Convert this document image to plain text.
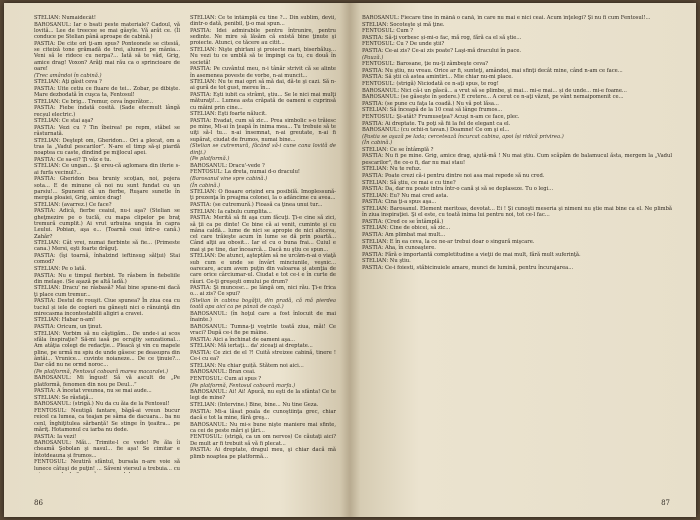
STELIAN: Numaidecât!

BAROSANUL: Iar o bsati peste materiale? Cadoul, vă lovită... Lee de treecee se mai gâsyle. Vă arăt ce. (Îl conduce pe Stelian până aproape de cabină.)

PASTIA: De cite ori ţi-am spus? Ponteonele se citesiă, se citeiză tone grămadă de trei, aluneci pe mânia... Veni să le ridece cu nerpa?... Iată să te văd, Grig, amice drag! Voxon? Arăţi mai rău ca o sprincioare de oare!

(Trec amândoi în cabină.)

STELIAN: Aţi gâsit ceva ?

PASTIA: Uite cetiu ce fluare de tei... Zobar, pe dibişte. Mare dezbodată în cuşca ta, Fentosul!

STELIAN: Ce brig... Tremur, ceva îngerător...

PASTIA: Fiebe îndată cosită. (Sade efecmult lângă recșul electric.)

STELIAN: Ce stai aşa?

PASTIA: Vezi cu ? Tin îbeirea! pe repm, stăbel se râsturnată.

STELIAN: Deştept om, Gheridon... Ori a plecat, om a tras la „Vadul pescarilor”. N-are el timp să-şi piardă noaptea cu caste, dindind pe mijlocul apei.

PASTIA: Ce sa-ei? Ţi văz e tu.

STELIAN: Ce ungan... Şi ereu-că aglomara din iferie s-ai furfa vecinul?...

PASTIA: Gheridon bea bruniy scoţian, noi, pojera sota... E de minune că noi nu sunt fundat cu un parsiu!... Spunemi că un fierbe, Ruşare sunetle în mergia ploaiei, Grig, amice drag!

STELIAN: (avarrez.) Ce face?

PASTIA: Adică, fierbe ceaiul, nu-i aşa? (Stelian se gheţmezire pe o tuclă, cu mapa clipelor pe braţ tremură cumplit.) Ai vrut urbuina unguia în capra Leului. Pobian, aşa e... (Toarnă ceai într-o cană.) Zahăr?

STELIAN: Cât vrei, numai fierbinte să fie... (Primeste cana.) Mersi, eşti foarte drăguţ.

PASTIA: (îşi toarnă, înhalzind ieftinsug sălţui) Stai comod?

STELIAN: Pe o lată.

PASTIA: Nu e timpul fierbint. Te râsbem în fiebeliile din melaşe. (Se aşază pe altă ladă.)

STELIAN: Dracu' ne râsbasă? Mai bine spune-mi dacă ţi place cum tremur...

PASTIA: Destul de rouşit. Ciue spunea? În ziua cea cu tuciul și iele de cogieri nu gănești nici o rănuinţă din mirecasma incontestabilii aligiri a cravei.

STELIAN: Habar n-am!

PASTIA: Oricum, un ţinut.

STELIAN: Vorbim să nu câştigăm... De unde-i ai scos sfâla înspiraţie? Să-mi iasă pe ocrajiiy senzational... Am atâţia colegi de redacţie... Pleacă şi vin cu mapele pline, pe urmă nu spiu de unde găsesc pe deasupra din ântâi... Vrunice... cuvinte noianeze... De ce ţinuie?... Dar căd nu ne ormd noroc...

(Pe platformă, Fentosul coboară marea macaralei.)

BAROSANUL: Mi îngust! Să vă ascult de „Pe platformă, fenomen din nou pe Deul...”

PASTIA: A încetat vreunea, nu se mai aude...

STELIAN: Se răsfaţă...

BAROSANUL: (strigă.) Nu da cu ăia de la Fentosul!

FENTOSUL: Neutigă fantare, băgă-ai vreun bucur reicel ca lumea, ca teajan pe săma de dacuara... ba nu cenl, înghiţitulea sărbanță! Se stinge în ţeaitra... pe măriţ. Hotamonul cu iarba nu dede.

PASTIA: Ia vezi!

BAROSANUL: Măi... Trimite-l ce vede! Pe ăla îi cheamă Şobolan şi nasul... fie așa! Se cimitar e întotdeauna și frumos...

FENTOSUL: Neutiră sfântul, bursala n-are voie să lunece câtuşi de puţin! ... Săveni viersul a trebuia... cu

STELIAN: Ce te întâmplă cu tine ?... Din sublim, devii, dintr-o dată, penibil, ţi-o mai spun...

PASTIA: Idei admirabile pentru întrunire, pentru sedinte. Ne mire să lăsăm că există bine ţinute şi proiecte. Atunci, ce tăcere au citit...

STELIAN: Nişte ghirlani şi proiecte mari, biserbăluş... Nu vezi tu ce umblă să te împingi ca tu, cu două în societă!

PASTIA: Pe cuvântul meu, n-i tânăr strivit că se alinte în asemenea poveste de vorbe, n-ai muncit...

STELIAN: Nu te mai opri să mă dai, dă-te şi cazi. Să n-ai gură de tot gust, mereu în...

PASTIA: Eşti iubit ca strâmt, ştiu... Se le nici mai mulţi măturaţi!... Lumea asta crăpată de oameni e cuprinsă cu mâini prin cine...

STELIAN: Eşti foarte nălucit.

PASTIA: Evadat, cum să zic... Prea simbolic s-o trăiesc pe mine, Mi-ai în ţeapă în inima mea... Tu trebuie să te uiţi să-l tu... n-ai însemnat, n-ai greutate, n-ai fi supărat, ciudat de frumos, numai bine...

(Stelian se cutremură, făcând să-i cune cana lovită de dinţi.)

(Pe platformă.)

BAROSANUL: Dracu'-vede ?

FENTOSUL: La dreta, numai d-o draculu!

(Barosanul vine spre cabină.)

(În cabină.)

STELIAN: O fioaare orișind era posibilă. Imoplessună-ţi prezenţa în preajma colonei, la o adâncime cu avea...

PASTIA: (se cutremură.) Fioasă ca ţinea unui tur...

STELIAN: Ia cabulu cumplita...

PASTIA: Merită să fii aşa cum făcuţi. Ţi-e cine să zici, să ţii ca pe dinte! Ce bine că ai venit, cuminte şi cu mâna caldă... lume de nici se apropie de nici altceva, cel care trăieşte acum în lume se dă prin poartă... Când alţii au obosit... Iar el cu o buna frai... Cuiul e mai şi pe tine, dar încearcă... Dacă nu ştiu ce spun...

STELIAN: De atunci, aşteptăm să ne urcăm-n-ai o viaţă sub cum e unde se învârt minciunile, veşnic... oarecare, acum avem puţin din valoarea şi atenţia de care orice cârciumar-ul. Ciudat e tot ce-i e în curte de râuri. Ce-ţi greşeşti omului pe drum?

PASTIA: Şi muncesc... pe lângă om, nici rău. Ţi-e frica o... ai zis? Ce spui?

(Stelian în cabina bogăţii, din pradă, că mă pierdea toată apa aici ca pe pânză de caşă.)

BAROSANUL: (în hoţul care a fost înlocuit de mai înainte.)

BAROSANUL: Tumna-ţi voştrile toată ziua, măi! Ce vraci? După ce-i fie pe mâine.

PASTIA: Aici a închinat de oameni aşa...

STELIAN: Mă iertaţi... da' ziceaţi ai dreptate...

PASTIA: Ce zici de el ?! Cuită streizee cabină, tinere ! Ce-i cu ea?

STELIAN: Nu chiar guiță. Stătem noi aici...

BAROSANUL: Bran ceai.

FENTOSUL: Cum ai spus ?

(Pe platformă, Fentosul coboară marfa.)

BAROSANUL: Ai! Ai! Apucă, nu eşti de la sfânta! Ce te legi de mine?

STELIAN: (Intervine.) Bine, bine... Nu tine Geza.

PASTIA: Mi-a lăsat poala de cunoştiinţa grec, chiar dacă e tot la mine, fără greş...

BAROSANUL: Nu mi-s bune nişte maniere mai sfinte, ca cei de peste mări şi ţări...

FENTOSUL: (strigă, ca un om nervos) Ce căutaţi aici? De mult ar fi trebuit să vă fi plecat...

PASTIA: Ai dreptate, dragul meu, şi chiar dacă mă plimb noaptea pe platformă...

86

BAROSANUL: Fiecare tine în mână o cană, în care nu mai e nici ceai. Acum înţelegi? Şi nu fi cum Fentosul!...

STELIAN: Socoteşte şi mă ţine.

FENTOSUL: Cum ?

PASTIA: Să-ţi vorbesc și-mi-o fac, mă rog, fără ca el să ştie...

FENTOSUL: Cu ? De unde ştii?

PASTIA: Ce-ai zis? Ce-ai zis poate? Laşi-mă dracului în pace.

(Pauză.)

FENTOSUL: Barosane, ţie nu-ţi zâmbeşte ceva?

PASTIA: Nu ştiu, nu vreau. Orice ar fi, sunteţi, amândoi, mai sfinţi decât mine, când n-am ce face...

PASTIA: Să ştii că astea amintiri... Mie chiar nu-mi place.

FENTOSUL: (strigă) Niciodată ce n-aţi spus, te rog!

BAROSANUL: Nici că-i un găscă... a vrut să se plimbe, şi mai... mi-e mai... și de unde... mi-e foame...

BAROSANUL: (se găseşte în şedere.) E cretere... A cerut ce n-aţi văzut, pe vânt nemaipomenit ce...

PASTIA: (se pune cu faţa la coadă.) Nu vă pot lăsa...

STELIAN: Să înceapă de la 10 ceai să lânge frumos...

FENTOSUL: Şi-atât? Frumuseţea? Acuşi n-am ce face, plec.

PASTIA: Ai dreptate. Tu poţi să fii la fel de elegant ca el.

BAROSANUL: (cu ochii-n tavan.) Doamne! Ce om şi el...

(Pastia se aşază pe lada; cercetează încurcat cabina, apoi își ridică privirea.)

(În cabină.)

STELIAN: Ce se întâmplă ?

PASTIA: Nu fi pe mine. Grig, amice drag, ajută-mă ! Nu mai ştiu. Cum scăpăm de balamucul ăsta, mergem la „Vadul pescarilor", fie ce-o fi, dar nu mai stau!

STELIAN: Nu te refuz.

PASTIA: Poate crezi că-i pentru dintre noi asa mai repede să nu cred.

STELIAN: Să ştiu, ce mai e cu tine?

PASTIA: Da, dar nu poate intra într-o cană şi să se deplaseze. Tu o legi...

STELIAN: Eu? Nu mai cred asta.

PASTIA: Cina ţi-a spus aşa...

STELIAN: Barosanul. Element meritoas, devotat... Ei ! Şi cunoşti meseria şi nimeni nu ştie mai bine ca el. Ne plimbă în ziua inspiraţiei. Şi el este, cu toată inima lui pentru noi, tot ce-l fac...

PASTIA: (Cred ce se întâmplă.)

STELIAN: Cine de obicei, să zic...

PASTIA: Am plimbat mai mult...

STELIAN: E în ea ceva, la ce ne-ar trebui doar o singură mişcare.

PASTIA: Aha, în cunoaştere.

PASTIA: Fără o importantă completitudine a vieţii de mai mult, fără mult suferinţă.

STELIAN: Nu ştiu.

PASTIA: Ce-i foiesti, stăbicinuiele amare, munci de lumină, pentru încurajarea...

87
